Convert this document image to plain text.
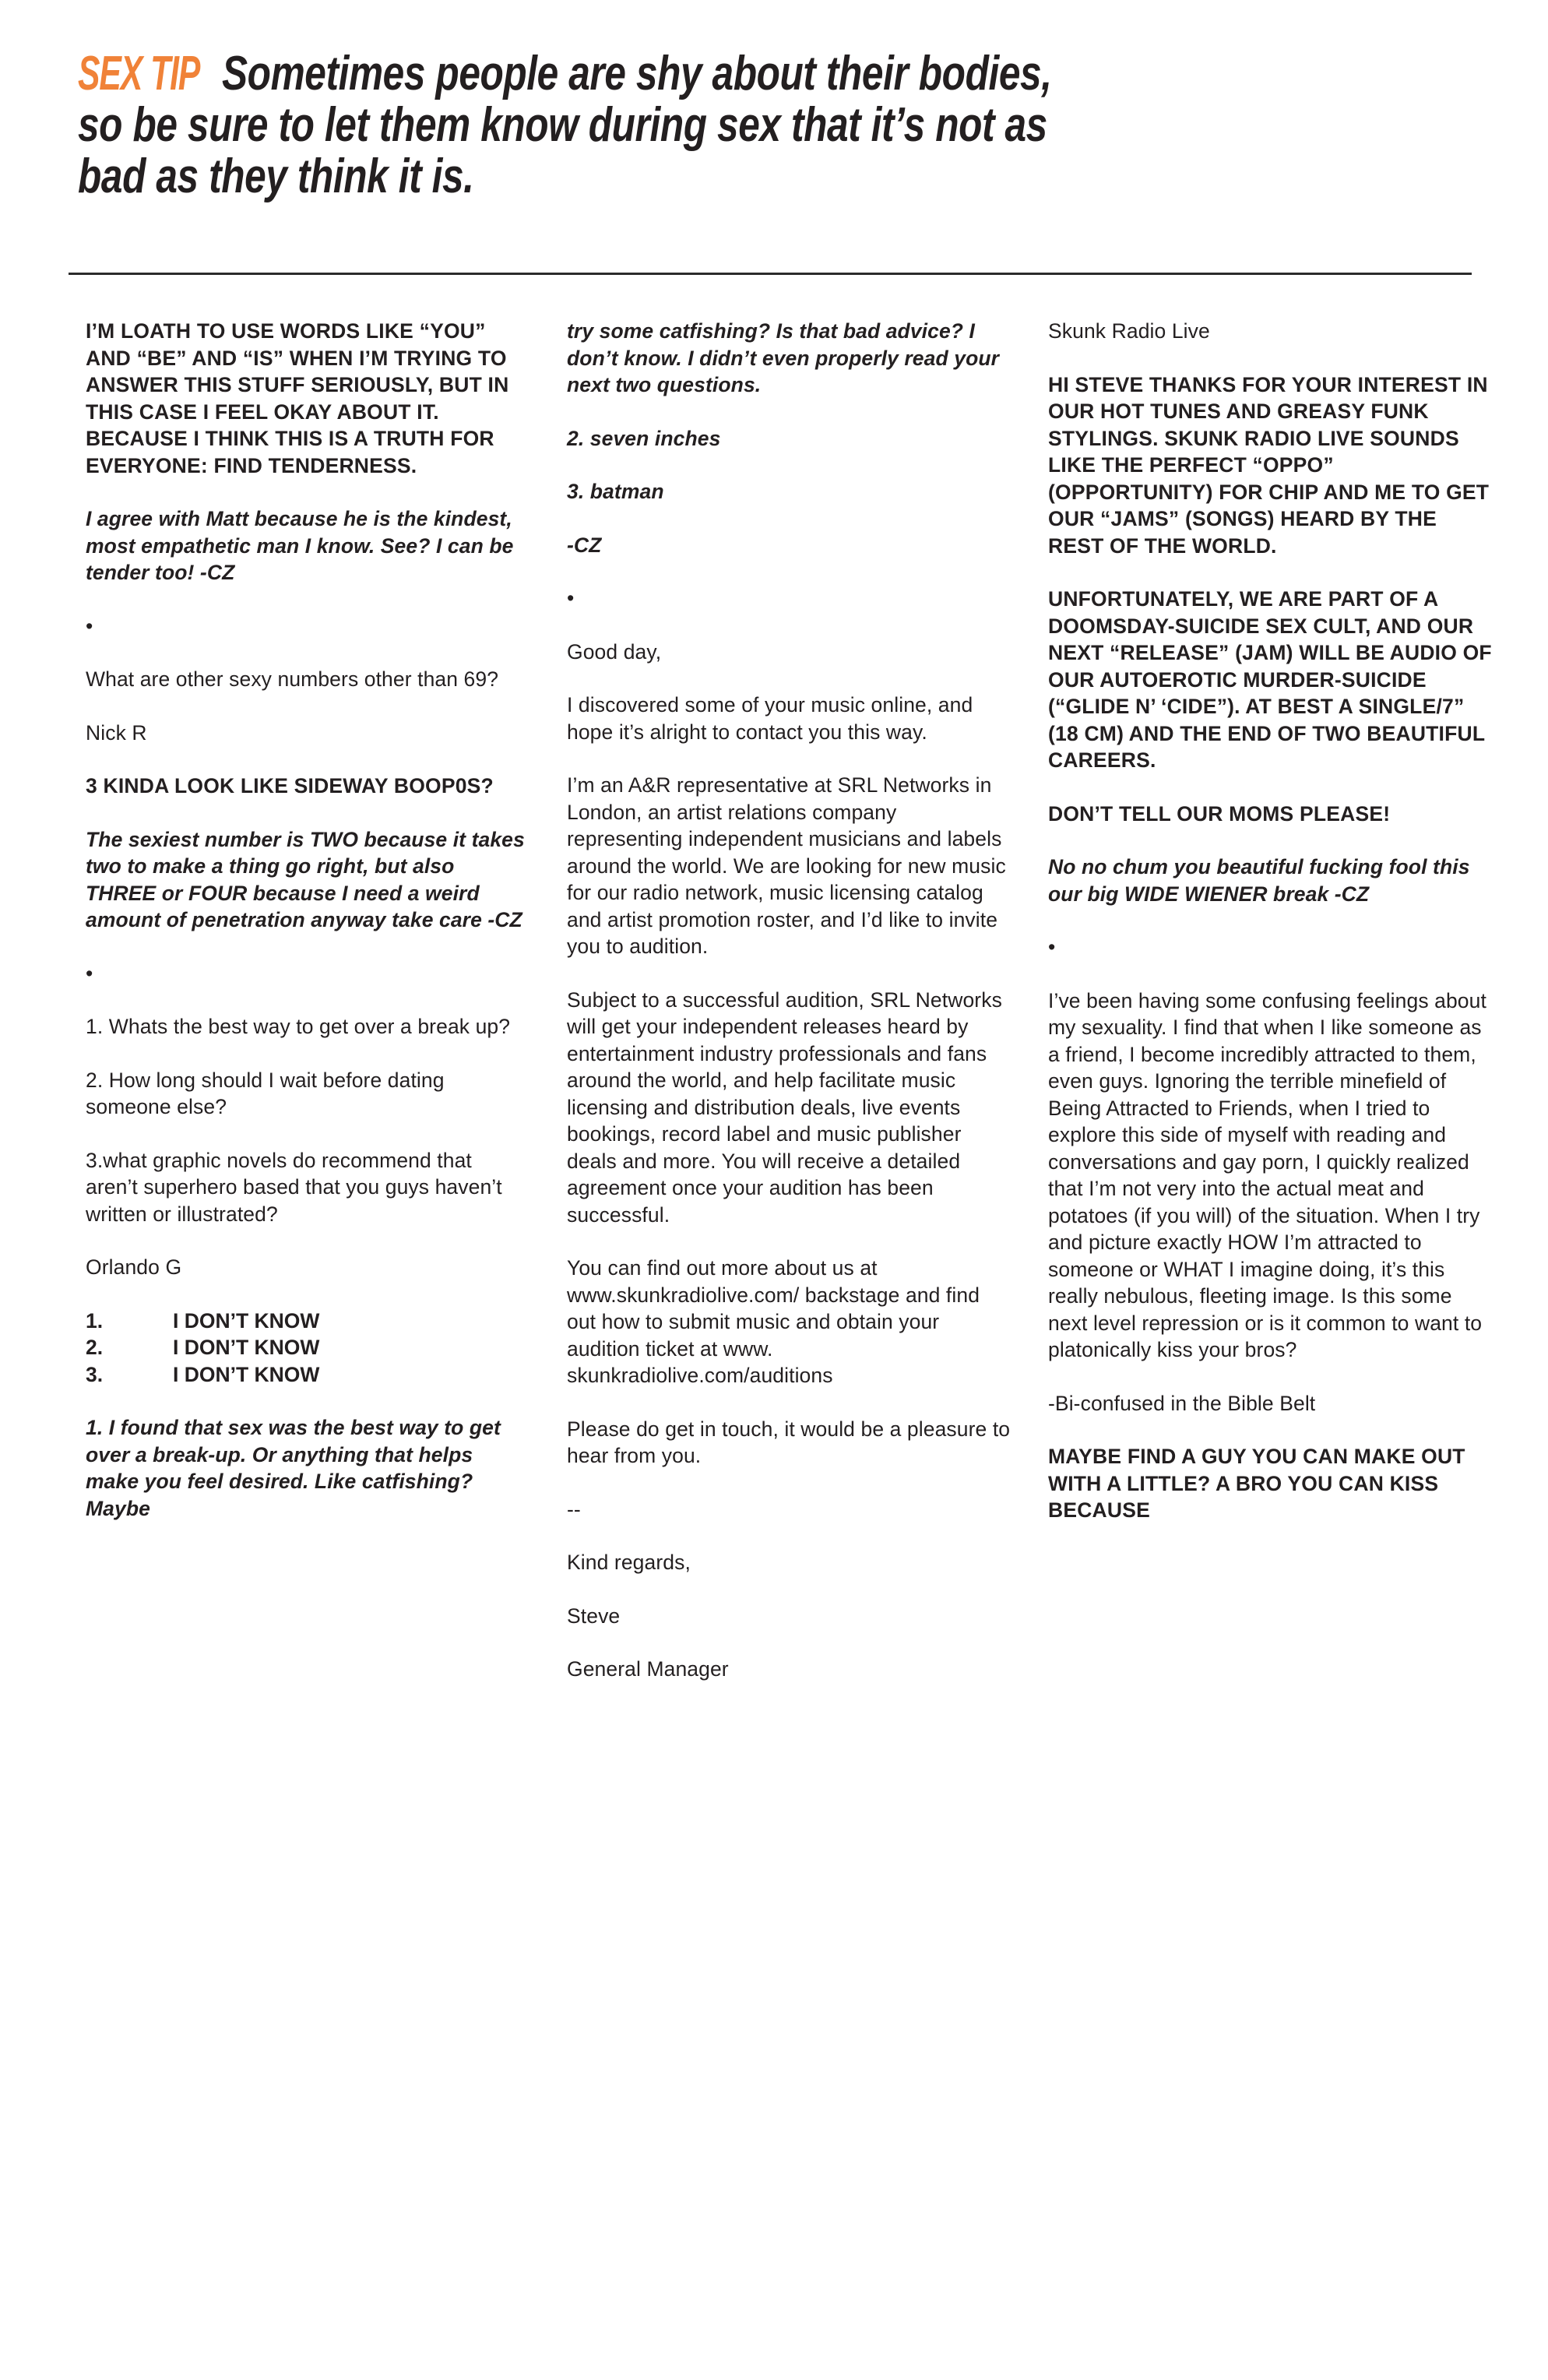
SEX TIP Sometimes people are shy about their bodies,
so be sure to let them know during sex that it’s not as
bad as they think it is.

I’M LOATH TO USE WORDS LIKE “YOU” AND “BE” AND “IS” WHEN I’M TRYING TO ANSWER THIS STUFF SERIOUSLY, BUT IN THIS CASE I FEEL OKAY ABOUT IT. BECAUSE I THINK THIS IS A TRUTH FOR EVERYONE: FIND TENDERNESS.

I agree with Matt because he is the kindest, most empathetic man I know. See? I can be tender too! -CZ

•

What are other sexy numbers other than 69?

Nick R

3 KINDA LOOK LIKE SIDEWAY BOOP0S?

The sexiest number is TWO because it takes two to make a thing go right, but also THREE or FOUR because I need a weird amount of penetration anyway take care -CZ

•

1. Whats the best way to get over a break up?

2. How long should I wait before dating someone else?

3.what graphic novels do recommend that aren’t superhero based that you guys haven’t written or illustrated?

Orlando G

1.	I DON’T KNOW
2.	I DON’T KNOW
3.	I DON’T KNOW

1. I found that sex was the best way to get over a break-up. Or anything that helps make you feel desired. Like catfishing? Maybe

try some catfishing? Is that bad advice? I don’t know. I didn’t even properly read your next two questions.

2. seven inches

3. batman

-CZ

•

Good day,

I discovered some of your music online, and hope it’s alright to contact you this way.

I’m an A&R representative at SRL Networks in London, an artist relations company representing independent musicians and labels around the world. We are looking for new music for our radio network, music licensing catalog and artist promotion roster, and I’d like to invite you to audition.

Subject to a successful audition, SRL Networks will get your independent releases heard by entertainment industry professionals and fans around the world, and help facilitate music licensing and distribution deals, live events bookings, record label and music publisher deals and more. You will receive a detailed agreement once your audition has been successful.

You can find out more about us at www.skunkradiolive.com/ backstage and find out how to submit music and obtain your audition ticket at www. skunkradiolive.com/auditions

Please do get in touch, it would be a pleasure to hear from you.

--

Kind regards,

Steve

General Manager

Skunk Radio Live

HI STEVE THANKS FOR YOUR INTEREST IN OUR HOT TUNES AND GREASY FUNK STYLINGS. SKUNK RADIO LIVE SOUNDS LIKE THE PERFECT “OPPO” (OPPORTUNITY) FOR CHIP AND ME TO GET OUR “JAMS” (SONGS) HEARD BY THE REST OF THE WORLD.

UNFORTUNATELY, WE ARE PART OF A DOOMSDAY-SUICIDE SEX CULT, AND OUR NEXT “RELEASE” (JAM) WILL BE AUDIO OF OUR AUTOEROTIC MURDER-SUICIDE (“GLIDE N’ ‘CIDE”). AT BEST A SINGLE/7” (18 CM) AND THE END OF TWO BEAUTIFUL CAREERS.

DON’T TELL OUR MOMS PLEASE!

No no chum you beautiful fucking fool this our big WIDE WIENER break -CZ

•

I’ve been having some confusing feelings about my sexuality. I find that when I like someone as a friend, I become incredibly attracted to them, even guys. Ignoring the terrible minefield of Being Attracted to Friends, when I tried to explore this side of myself with reading and conversations and gay porn, I quickly realized that I’m not very into the actual meat and potatoes (if you will) of the situation. When I try and picture exactly HOW I’m attracted to someone or WHAT I imagine doing, it’s this really nebulous, fleeting image. Is this some next level repression or is it common to want to platonically kiss your bros?

-Bi-confused in the Bible Belt

MAYBE FIND A GUY YOU CAN MAKE OUT WITH A LITTLE? A BRO YOU CAN KISS BECAUSE
